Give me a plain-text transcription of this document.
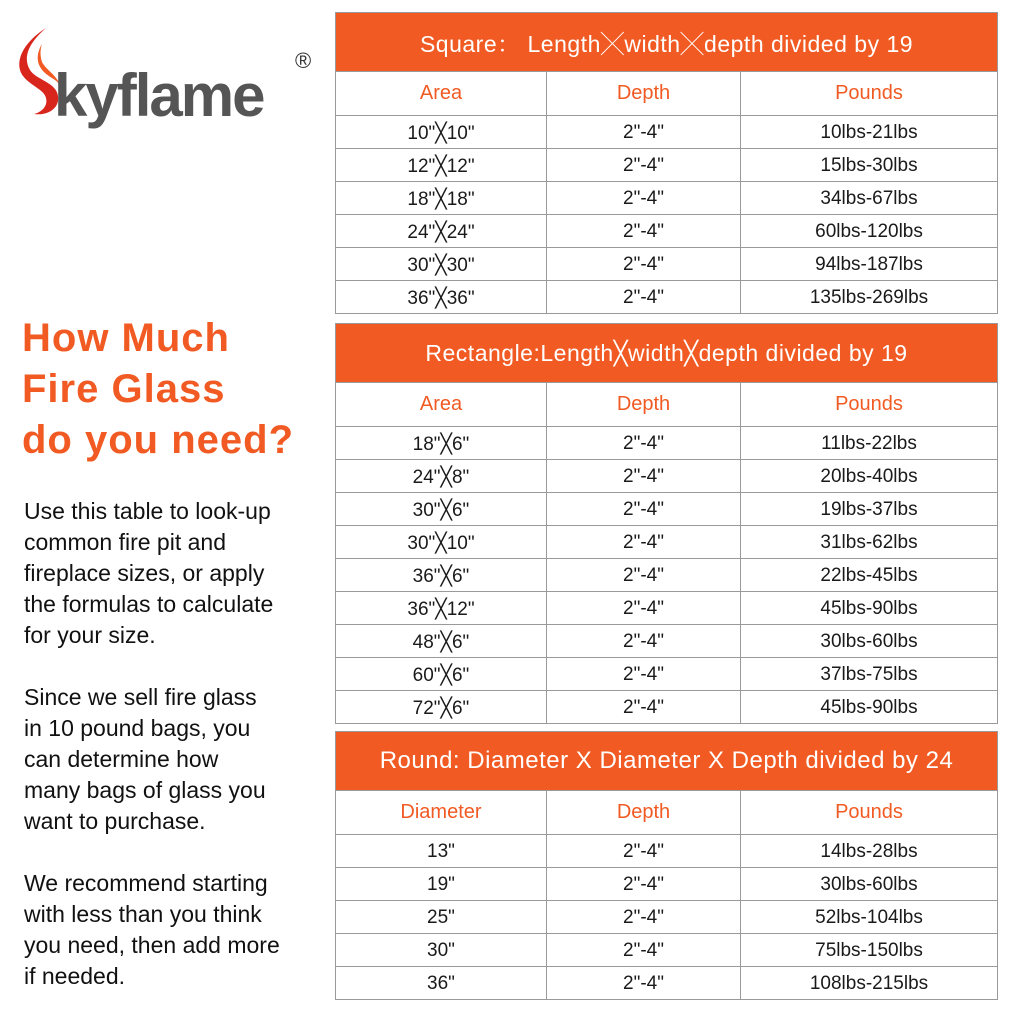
kyflame
®
How Much
Fire Glass
do you need?
Use this table to look-up
common fire pit and
fireplace sizes, or apply
the formulas to calculate
for your size.
Since we sell fire glass
in 10 pound bags, you
can determine how
many bags of glass you
want to purchase.
We recommend starting
with less than you think
you need, then add more
if needed.
Square： Length╳width╳depth divided by 19
Area	Depth	Pounds
10"╳10"	2"-4"	10lbs-21lbs
12"╳12"	2"-4"	15lbs-30lbs
18"╳18"	2"-4"	34lbs-67lbs
24"╳24"	2"-4"	60lbs-120lbs
30"╳30"	2"-4"	94lbs-187lbs
36"╳36"	2"-4"	135lbs-269lbs
Rectangle:Length╳width╳depth divided by 19
Area	Depth	Pounds
18"╳6"	2"-4"	11lbs-22lbs
24"╳8"	2"-4"	20lbs-40lbs
30"╳6"	2"-4"	19lbs-37lbs
30"╳10"	2"-4"	31lbs-62lbs
36"╳6"	2"-4"	22lbs-45lbs
36"╳12"	2"-4"	45lbs-90lbs
48"╳6"	2"-4"	30lbs-60lbs
60"╳6"	2"-4"	37lbs-75lbs
72"╳6"	2"-4"	45lbs-90lbs
Round: Diameter X Diameter X Depth divided by 24
Diameter	Depth	Pounds
13"	2"-4"	14lbs-28lbs
19"	2"-4"	30lbs-60lbs
25"	2"-4"	52lbs-104lbs
30"	2"-4"	75lbs-150lbs
36"	2"-4"	108lbs-215lbs
